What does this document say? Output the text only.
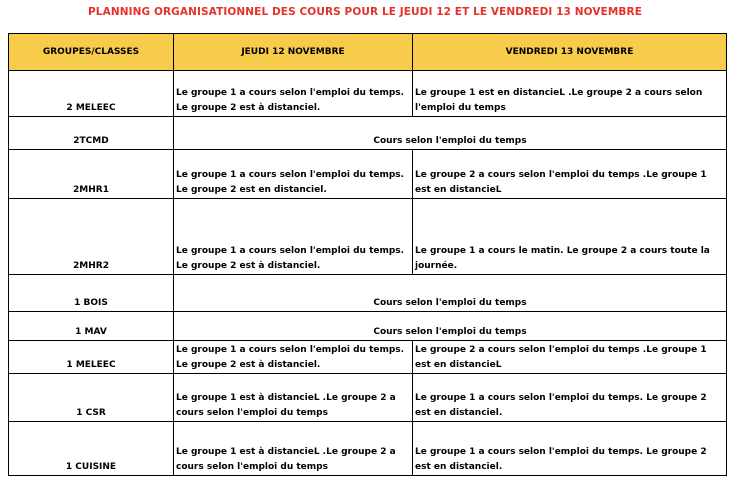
PLANNING ORGANISATIONNEL DES COURS POUR LE JEUDI 12 ET LE VENDREDI 13 NOVEMBRE
GROUPES/CLASSES	JEUDI 12 NOVEMBRE	VENDREDI 13 NOVEMBRE
2 MELEEC	Le groupe 1 a cours selon l'emploi du temps. Le groupe 2 est à distanciel.	Le groupe 1 est en distancieL .Le groupe 2 a cours selon l'emploi du temps
2TCMD	Cours selon l'emploi du temps	
2MHR1	Le groupe 1 a cours selon l'emploi du temps. Le groupe 2 est en distanciel.	Le groupe 2 a cours selon l'emploi du temps .Le groupe 1 est en distancieL
2MHR2	Le groupe 1 a cours selon l'emploi du temps. Le groupe 2 est à distanciel.	Le groupe 1 a cours le matin. Le groupe 2 a cours toute la journée.
1 BOIS	Cours selon l'emploi du temps	
1 MAV	Cours selon l'emploi du temps	
1 MELEEC	Le groupe 1 a cours selon l'emploi du temps. Le groupe 2 est à distanciel.	Le groupe 2 a cours selon l'emploi du temps .Le groupe 1 est en distancieL
1 CSR	Le groupe 1 est à distancieL .Le groupe 2 a cours selon l'emploi du temps	Le groupe 1 a cours selon l'emploi du temps. Le groupe 2 est en distanciel.
1 CUISINE	Le groupe 1 est à distancieL .Le groupe 2 a cours selon l'emploi du temps	Le groupe 1 a cours selon l'emploi du temps. Le groupe 2 est en distanciel.
